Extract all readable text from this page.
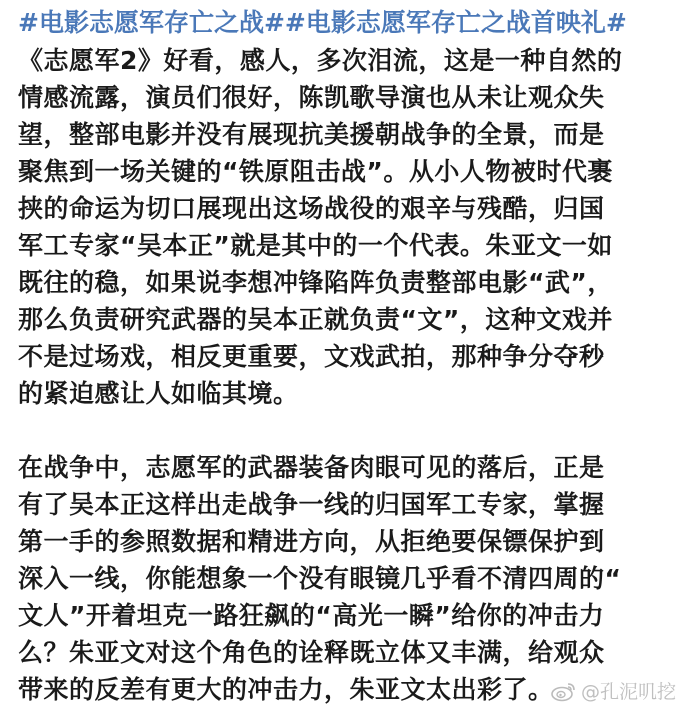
#电影志愿军存亡之战##电影志愿军存亡之战首映礼#
《志愿军2》好看，感人，多次泪流，这是一种自然的
情感流露，演员们很好，陈凯歌导演也从未让观众失
望，整部电影并没有展现抗美援朝战争的全景，而是
聚焦到一场关键的“铁原阻击战”。从小人物被时代裹
挟的命运为切口展现出这场战役的艰辛与残酷，归国
军工专家“吴本正”就是其中的一个代表。朱亚文一如
既往的稳，如果说李想冲锋陷阵负责整部电影“武”，
那么负责研究武器的吴本正就负责“文”，这种文戏并
不是过场戏，相反更重要，文戏武拍，那种争分夺秒
的紧迫感让人如临其境。
在战争中，志愿军的武器装备肉眼可见的落后，正是
有了吴本正这样出走战争一线的归国军工专家，掌握
第一手的参照数据和精进方向，从拒绝要保镖保护到
深入一线，你能想象一个没有眼镜几乎看不清四周的“
文人”开着坦克一路狂飙的“高光一瞬”给你的冲击力
么？朱亚文对这个角色的诠释既立体又丰满，给观众
带来的反差有更大的冲击力，朱亚文太出彩了。	@孔泥叽挖
